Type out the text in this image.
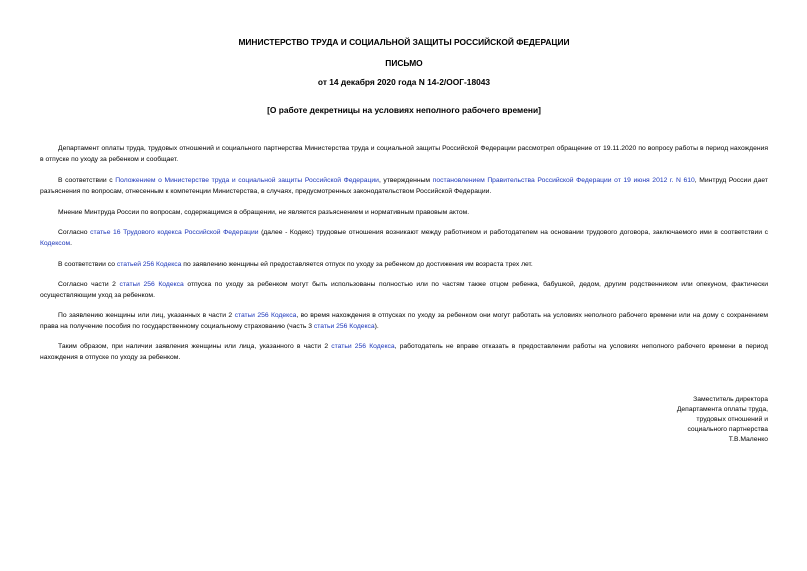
МИНИСТЕРСТВО ТРУДА И СОЦИАЛЬНОЙ ЗАЩИТЫ РОССИЙСКОЙ ФЕДЕРАЦИИ

ПИСЬМО

от 14 декабря 2020 года N 14-2/ООГ-18043

[О работе декретницы на условиях неполного рабочего времени]

Департамент оплаты труда, трудовых отношений и социального партнерства Министерства труда и социальной защиты Российской Федерации рассмотрел обращение от 19.11.2020 по вопросу работы в период нахождения в отпуске по уходу за ребенком и сообщает.

В соответствии с Положением о Министерстве труда и социальной защиты Российской Федерации, утвержденным постановлением Правительства Российской Федерации от 19 июня 2012 г. N 610, Минтруд России дает разъяснения по вопросам, отнесенным к компетенции Министерства, в случаях, предусмотренных законодательством Российской Федерации.

Мнение Минтруда России по вопросам, содержащимся в обращении, не является разъяснением и нормативным правовым актом.

Согласно статье 16 Трудового кодекса Российской Федерации (далее - Кодекс) трудовые отношения возникают между работником и работодателем на основании трудового договора, заключаемого ими в соответствии с Кодексом.

В соответствии со статьей 256 Кодекса по заявлению женщины ей предоставляется отпуск по уходу за ребенком до достижения им возраста трех лет.

Согласно части 2 статьи 256 Кодекса отпуска по уходу за ребенком могут быть использованы полностью или по частям также отцом ребенка, бабушкой, дедом, другим родственником или опекуном, фактически осуществляющим уход за ребенком.

По заявлению женщины или лиц, указанных в части 2 статьи 256 Кодекса, во время нахождения в отпусках по уходу за ребенком они могут работать на условиях неполного рабочего времени или на дому с сохранением права на получение пособия по государственному социальному страхованию (часть 3 статьи 256 Кодекса).

Таким образом, при наличии заявления женщины или лица, указанного в части 2 статьи 256 Кодекса, работодатель не вправе отказать в предоставлении работы на условиях неполного рабочего времени в период нахождения в отпуске по уходу за ребенком.

Заместитель директора

Департамента оплаты труда,

трудовых отношений и

социального партнерства

Т.В.Маленко
